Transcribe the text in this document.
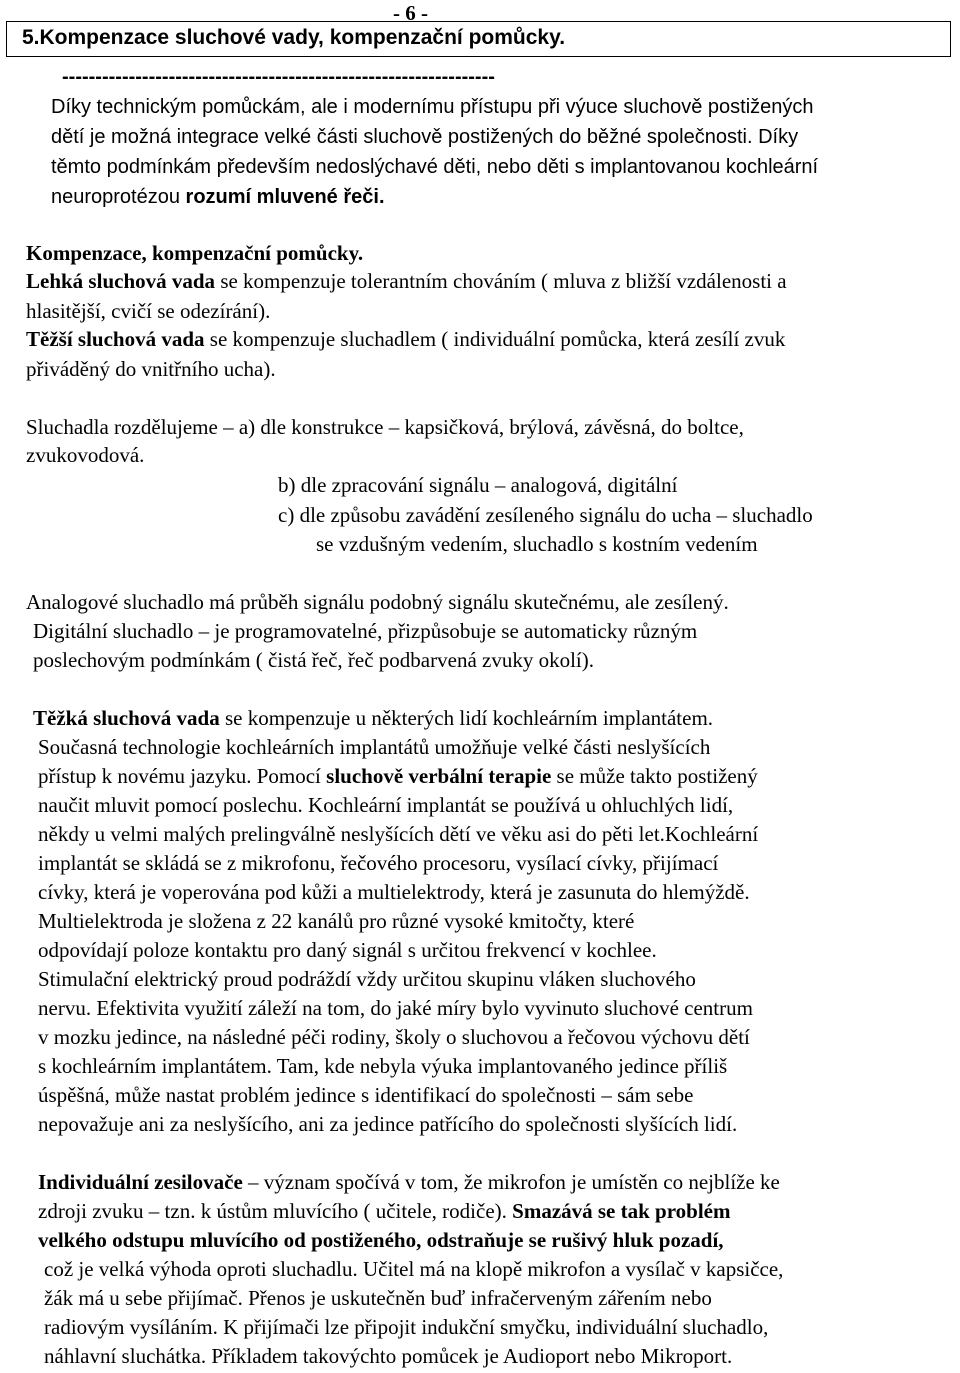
- 6 -
5.Kompenzace sluchové vady, kompenzační pomůcky.
-----------------------------------------------------------------
Díky technickým pomůckám, ale i modernímu přístupu při výuce sluchově postižených
dětí je možná integrace velké části sluchově postižených do běžné společnosti. Díky
těmto podmínkám především nedoslýchavé děti, nebo děti s implantovanou kochleární
neuroprotézou rozumí mluvené řeči.
Kompenzace, kompenzační pomůcky.
Lehká sluchová vada se kompenzuje tolerantním chováním ( mluva z bližší vzdálenosti a
hlasitější, cvičí se odezírání).
Těžší sluchová vada se kompenzuje sluchadlem ( individuální pomůcka, která zesílí zvuk
přiváděný do vnitřního ucha).
Sluchadla rozdělujeme – a) dle konstrukce – kapsičková, brýlová, závěsná, do boltce,
zvukovodová.
b) dle zpracování signálu – analogová, digitální
c) dle způsobu zavádění zesíleného signálu do ucha – sluchadlo
se vzdušným vedením, sluchadlo s kostním vedením
Analogové sluchadlo má průběh signálu podobný signálu skutečnému, ale zesílený.
Digitální sluchadlo – je programovatelné, přizpůsobuje se automaticky různým
poslechovým podmínkám ( čistá řeč, řeč podbarvená zvuky okolí).
Těžká sluchová vada se kompenzuje u některých lidí kochleárním implantátem.
Současná technologie kochleárních implantátů umožňuje velké části neslyšících
přístup k novému jazyku. Pomocí sluchově verbální terapie se může takto postižený
naučit mluvit pomocí poslechu. Kochleární implantát se používá u ohluchlých lidí,
někdy u velmi malých prelingválně neslyšících dětí ve věku asi do pěti let.Kochleární
implantát se skládá se z mikrofonu, řečového procesoru, vysílací cívky, přijímací
cívky, která je voperována pod kůži a multielektrody, která je zasunuta do hlemýždě.
Multielektroda je složena z 22 kanálů pro různé vysoké kmitočty, které
odpovídají poloze kontaktu pro daný signál s určitou frekvencí v kochlee.
Stimulační elektrický proud podráždí vždy určitou skupinu vláken sluchového
nervu. Efektivita využití záleží na tom, do jaké míry bylo vyvinuto sluchové centrum
v mozku jedince, na následné péči rodiny, školy o sluchovou a řečovou výchovu dětí
s kochleárním implantátem. Tam, kde nebyla výuka implantovaného jedince příliš
úspěšná, může nastat problém jedince s identifikací do společnosti – sám sebe
nepovažuje ani za neslyšícího, ani za jedince patřícího do společnosti slyšících lidí.
Individuální zesilovače – význam spočívá v tom, že mikrofon je umístěn co nejblíže ke
zdroji zvuku – tzn. k ústům mluvícího ( učitele, rodiče). Smazává se tak problém
velkého odstupu mluvícího od postiženého, odstraňuje se rušivý hluk pozadí,
což je velká výhoda oproti sluchadlu. Učitel má na klopě mikrofon a vysílač v kapsičce,
žák má u sebe přijímač. Přenos je uskutečněn buď infračerveným zářením nebo
radiovým vysíláním. K přijímači lze připojit indukční smyčku, individuální sluchadlo,
náhlavní sluchátka. Příkladem takovýchto pomůcek je Audioport nebo Mikroport.
